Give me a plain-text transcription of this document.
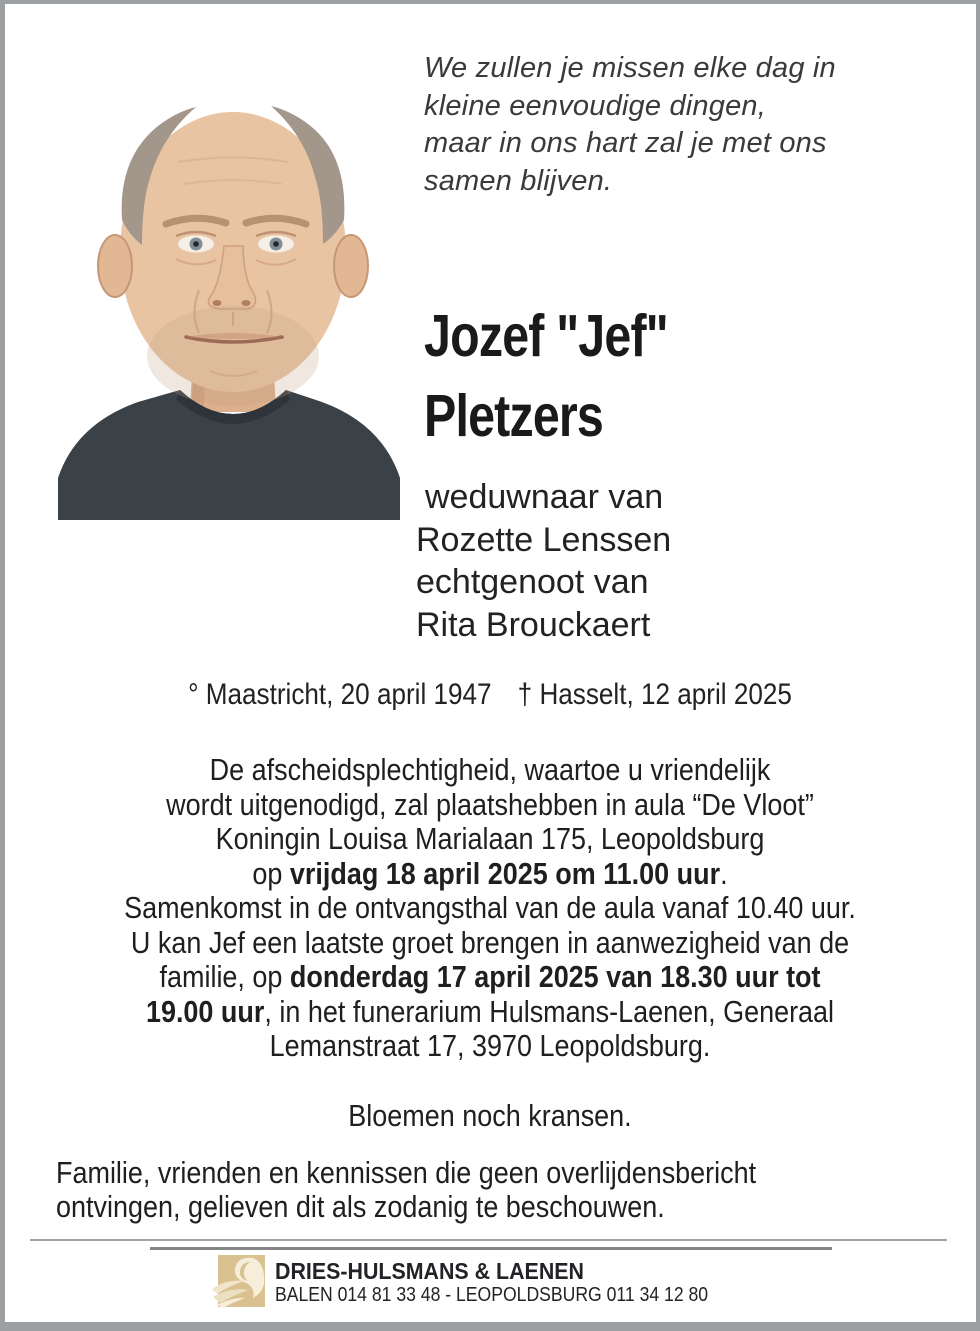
We zullen je missen elke dag in
kleine eenvoudige dingen,
maar in ons hart zal je met ons
samen blijven.
Jozef "Jef"
Pletzers
weduwnaar van
Rozette Lenssen
echtgenoot van
Rita Brouckaert
° Maastricht, 20 april 1947 † Hasselt, 12 april 2025
De afscheidsplechtigheid, waartoe u vriendelijk
wordt uitgenodigd, zal plaatshebben in aula “De Vloot”
Koningin Louisa Marialaan 175, Leopoldsburg
op vrijdag 18 april 2025 om 11.00 uur.
Samenkomst in de ontvangsthal van de aula vanaf 10.40 uur.
U kan Jef een laatste groet brengen in aanwezigheid van de
familie, op donderdag 17 april 2025 van 18.30 uur tot
19.00 uur, in het funerarium Hulsmans-Laenen, Generaal
Lemanstraat 17, 3970 Leopoldsburg.
Bloemen noch kransen.
Familie, vrienden en kennissen die geen overlijdensbericht
ontvingen, gelieven dit als zodanig te beschouwen.
DRIES-HULSMANS & LAENEN
BALEN 014 81 33 48 - LEOPOLDSBURG 011 34 12 80
